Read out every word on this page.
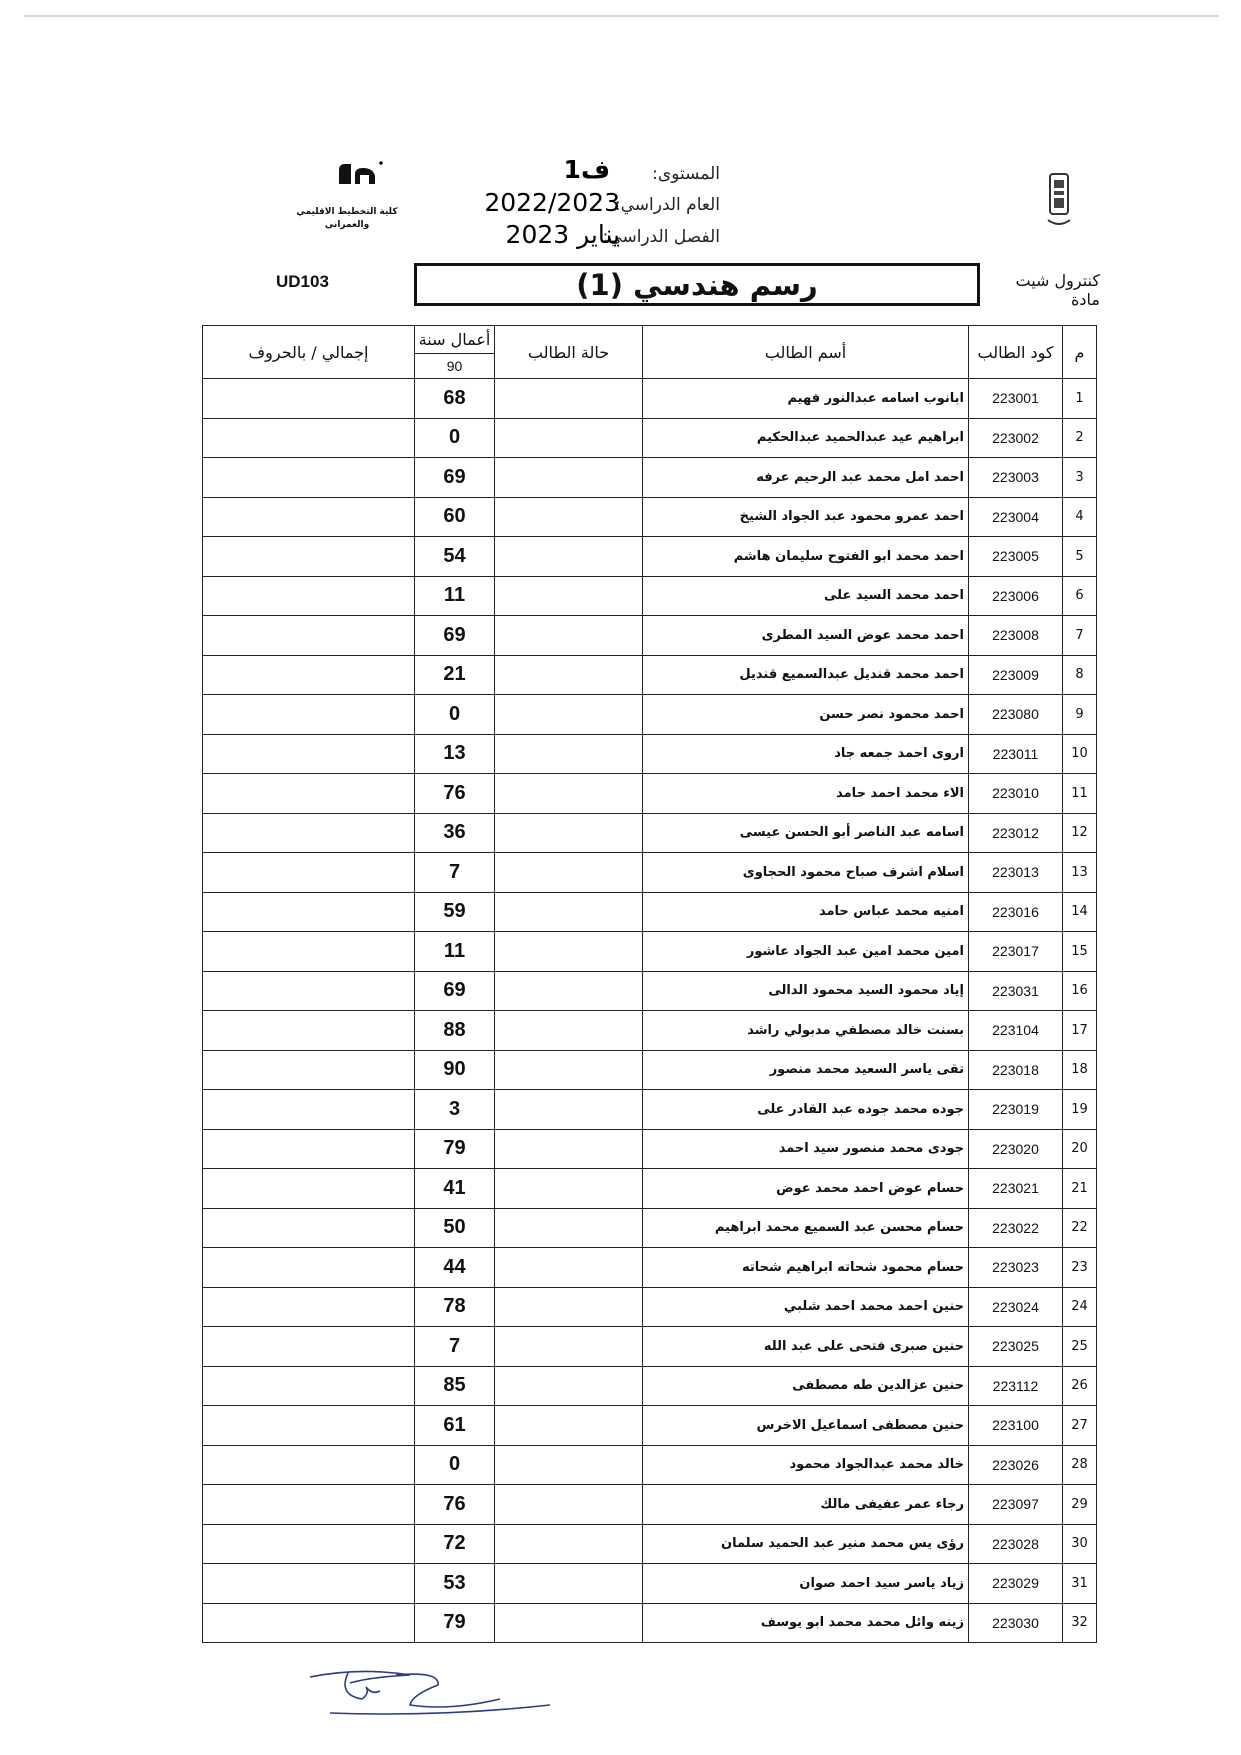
المستوى:
العام الدراسي:
الفصل الدراسي:
ف1
2022/2023
يناير 2023
كلية التخطيط الاقليمي والعمراني
UD103	رسم هندسي (1)	كنترول شيت مادة
م	كود الطالب	أسم الطالب	حالة الطالب	أعمال سنة
90	إجمالي / بالحروف
1	223001	ابانوب اسامه عبدالنور فهيم		68	
2	223002	ابراهيم عيد عبدالحميد عبدالحكيم		0	
3	223003	احمد امل محمد عبد الرحيم عرفه		69	
4	223004	احمد عمرو محمود عبد الجواد الشيخ		60	
5	223005	احمد محمد ابو الفتوح سليمان هاشم		54	
6	223006	احمد محمد السيد على		11	
7	223008	احمد محمد عوض السيد المطرى		69	
8	223009	احمد محمد قنديل عبدالسميع قنديل		21	
9	223080	احمد محمود نصر حسن		0	
10	223011	اروى احمد جمعه جاد		13	
11	223010	الاء محمد احمد حامد		76	
12	223012	اسامه عبد الناصر أبو الحسن عيسى		36	
13	223013	اسلام اشرف صباح محمود الحجاوى		7	
14	223016	امنيه محمد عباس حامد		59	
15	223017	امين محمد امين عبد الجواد عاشور		11	
16	223031	إياد محمود السيد محمود الدالى		69	
17	223104	بسنت خالد مصطفي مدبولي راشد		88	
18	223018	تقى ياسر السعيد محمد منصور		90	
19	223019	جوده محمد جوده عبد القادر على		3	
20	223020	جودى محمد منصور سيد احمد		79	
21	223021	حسام عوض احمد محمد عوض		41	
22	223022	حسام محسن عبد السميع محمد ابراهيم		50	
23	223023	حسام محمود شحاته ابراهيم شحاته		44	
24	223024	حنين احمد محمد احمد شلبي		78	
25	223025	حنين صبرى فتحى على عبد الله		7	
26	223112	حنين عزالدين طه مصطفى		85	
27	223100	حنين مصطفى اسماعيل الاخرس		61	
28	223026	خالد محمد عبدالجواد محمود		0	
29	223097	رجاء عمر عفيفى مالك		76	
30	223028	رؤى يس محمد منير عبد الحميد سلمان		72	
31	223029	زياد ياسر سيد احمد صوان		53	
32	223030	زينه وائل محمد محمد ابو يوسف		79	
